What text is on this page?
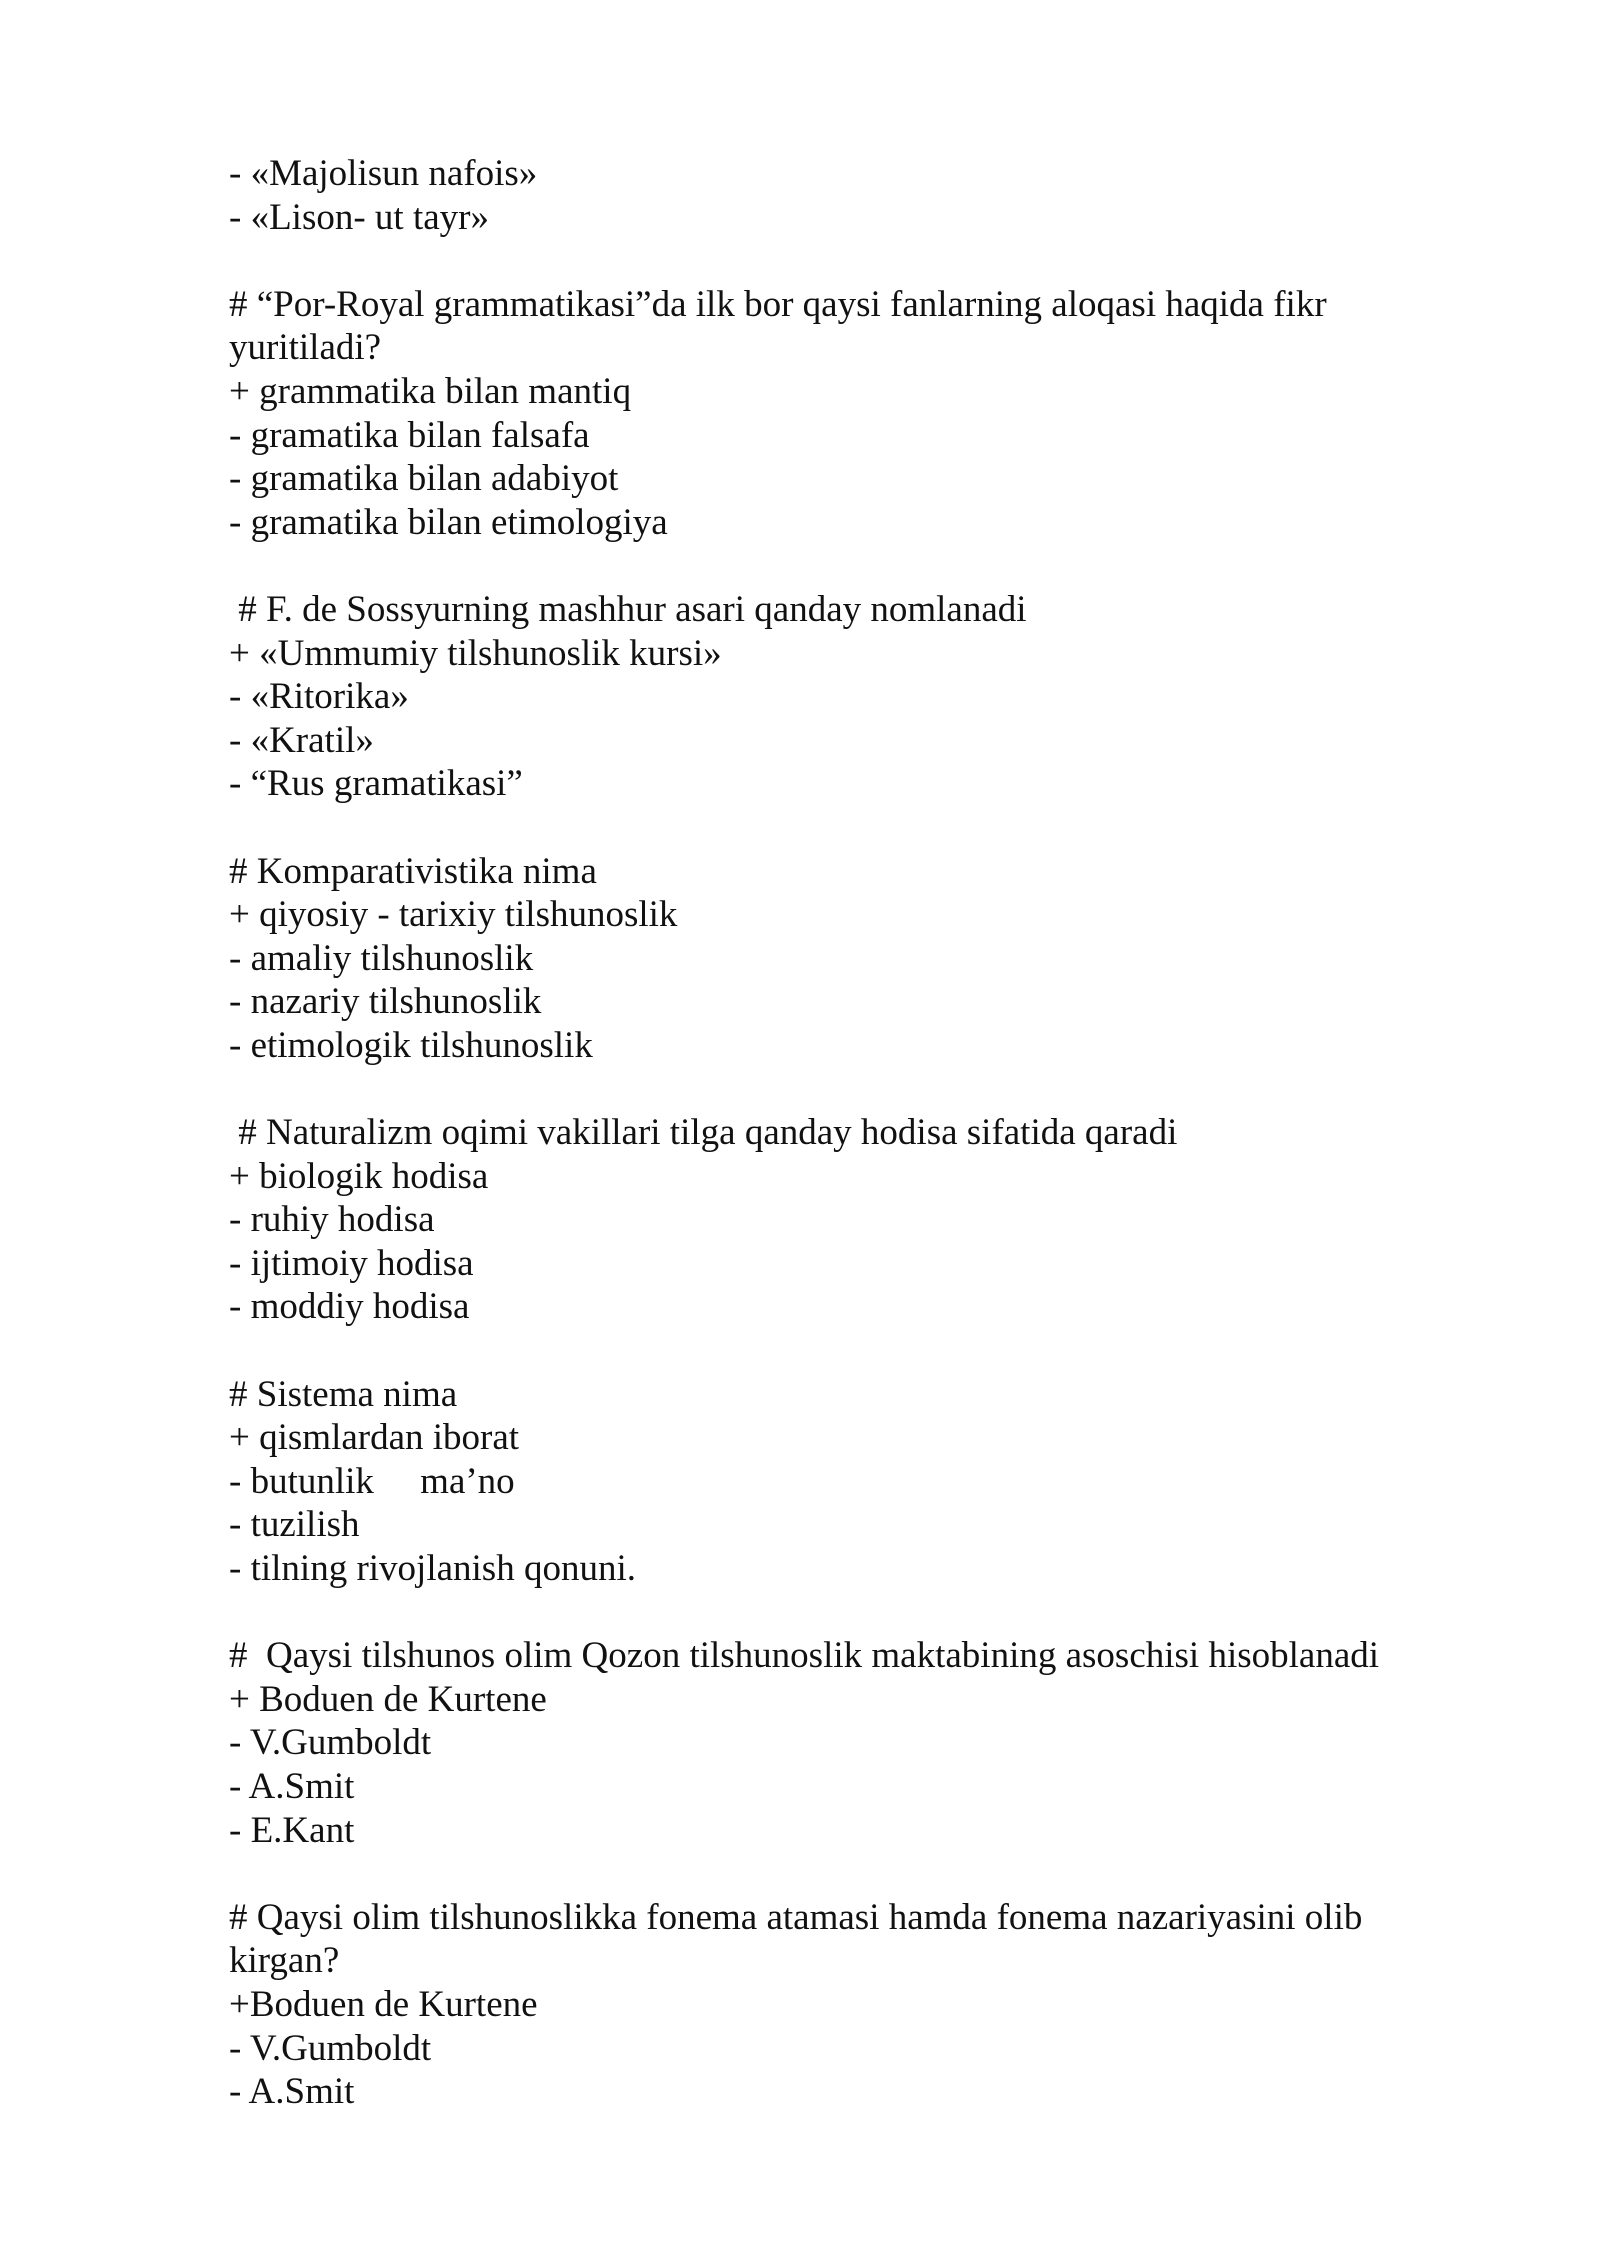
- «Majolisun nafois»
- «Lison- ut tayr»
# “Por-Royal grammatikasi”da ilk bor qaysi fanlarning aloqasi haqida fikr
yuritiladi?
+ grammatika bilan mantiq
- gramatika bilan falsafa
- gramatika bilan adabiyot
- gramatika bilan etimologiya
# F. de Sossyurning mashhur asari qanday nomlanadi
+ «Ummumiy tilshunoslik kursi»
- «Ritorika»
- «Kratil»
- “Rus gramatikasi”
# Komparativistika nima
+ qiyosiy - tarixiy tilshunoslik
- amaliy tilshunoslik
- nazariy tilshunoslik
- etimologik tilshunoslik
# Naturalizm oqimi vakillari tilga qanday hodisa sifatida qaradi
+ biologik hodisa
- ruhiy hodisa
- ijtimoiy hodisa
- moddiy hodisa
# Sistema nima
+ qismlardan iborat
- butunlik     ma’no
- tuzilish
- tilning rivojlanish qonuni.
#  Qaysi tilshunos olim Qozon tilshunoslik maktabining asoschisi hisoblanadi
+ Boduen de Kurtene
- V.Gumboldt
- A.Smit
- E.Kant
# Qaysi olim tilshunoslikka fonema atamasi hamda fonema nazariyasini olib
kirgan?
+Boduen de Kurtene
- V.Gumboldt
- A.Smit
